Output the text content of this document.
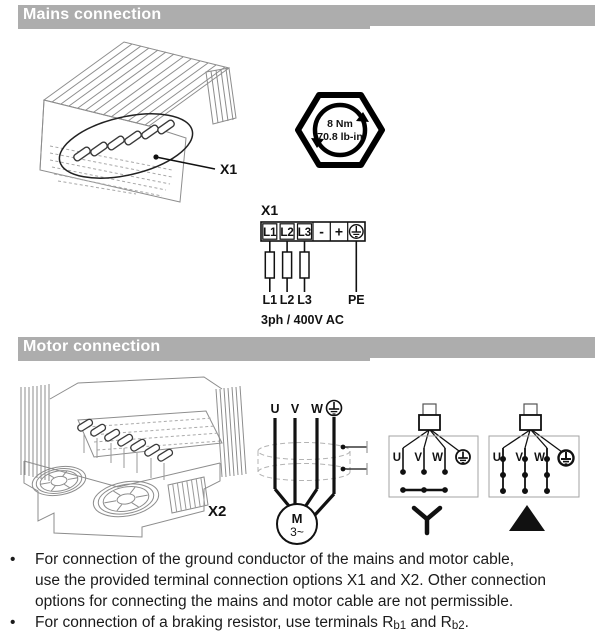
Mains connection
X1
8 Nm
70.8 lb-in
X1
L1 L2 L3 - +
L1 L2 L3	PE
3ph / 400V AC
Motor connection
X2
U V W
M
3~
U V W	U V W
•	For connection of the ground conductor of the mains and motor cable,
use the provided terminal connection options X1 and X2. Other connection
options for connecting the mains and motor cable are not permissible.
•	For connection of a braking resistor, use terminals Rb1 and Rb2.
